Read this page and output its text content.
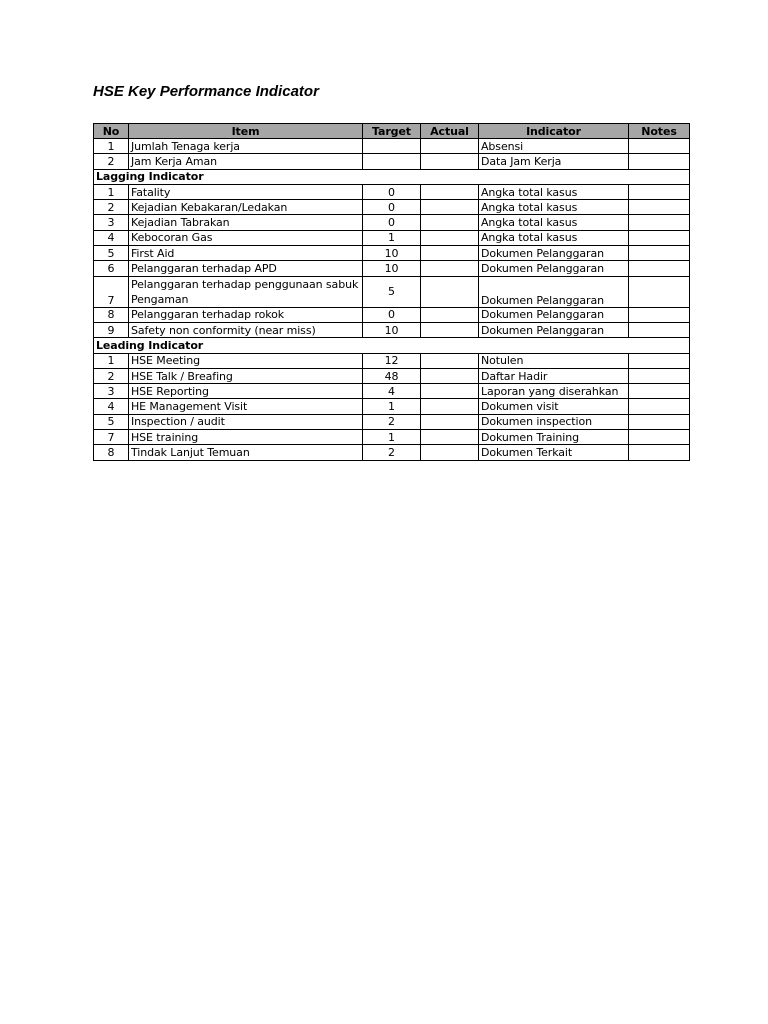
HSE Key Performance Indicator
No	Item	Target	Actual	Indicator	Notes
1	Jumlah Tenaga kerja			Absensi	
2	Jam Kerja Aman			Data Jam Kerja	
Lagging Indicator					
1	Fatality	0		Angka total kasus	
2	Kejadian Kebakaran/Ledakan	0		Angka total kasus	
3	Kejadian Tabrakan	0		Angka total kasus	
4	Kebocoran Gas	1		Angka total kasus	
5	First Aid	10		Dokumen Pelanggaran	
6	Pelanggaran terhadap APD	10		Dokumen Pelanggaran	
7	Pelanggaran terhadap penggunaan sabuk Pengaman	5		Dokumen Pelanggaran	
8	Pelanggaran terhadap rokok	0		Dokumen Pelanggaran	
9	Safety non conformity (near miss)	10		Dokumen Pelanggaran	
Leading Indicator					
1	HSE Meeting	12		Notulen	
2	HSE Talk / Breafing	48		Daftar Hadir	
3	HSE Reporting	4		Laporan yang diserahkan	
4	HE Management Visit	1		Dokumen visit	
5	Inspection / audit	2		Dokumen inspection	
7	HSE training	1		Dokumen Training	
8	Tindak Lanjut Temuan	2		Dokumen Terkait	
